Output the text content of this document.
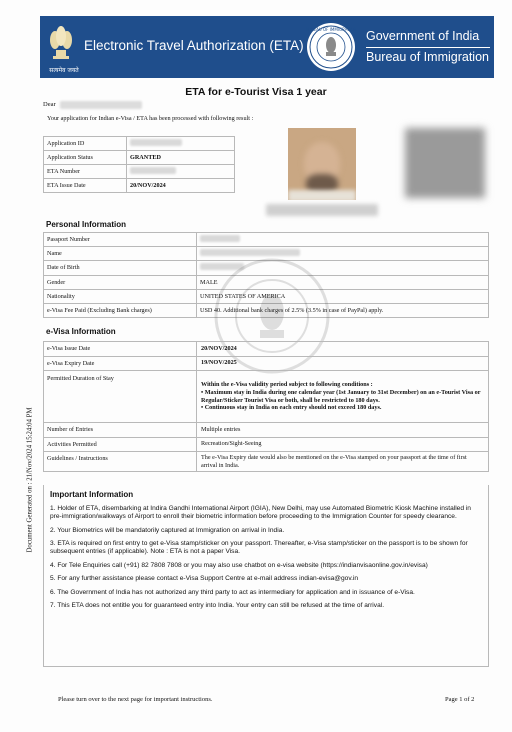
सत्यमेव जयते
Electronic Travel Authorization (ETA)
BUREAU OF IMMIGRATION Government of India
Bureau of Immigration
ETA for e-Tourist Visa 1 year
Dear
Your application for Indian e-Visa / ETA has been processed with following result :
Application ID	
Application Status	GRANTED
ETA Number	
ETA Issue Date	20/NOV/2024
Personal Information
Passport Number	
Name	
Date of Birth	
Gender	MALE
Nationality	UNITED STATES OF AMERICA
e-Visa Fee Paid (Excluding Bank charges)	USD 40. Additional bank charges of 2.5% (3.5% in case of PayPal) apply.
e-Visa Information
e-Visa Issue Date	20/NOV/2024
e-Visa Expiry Date	19/NOV/2025
Permitted Duration of Stay	Within the e-Visa validity period subject to following conditions :
• Maximum stay in India during one calendar year (1st January to 31st December) on an e-Tourist Visa or Regular/Sticker Tourist Visa or both, shall be restricted to 180 days.
• Continuous stay in India on each entry should not exceed 180 days.

Number of Entries	Multiple entries
Activities Permitted	Recreation/Sight-Seeing
Guidelines / Instructions	The e-Visa Expiry date would also be mentioned on the e-Visa stamped on your passport at the time of first arrival in India.
Document Generated on : 21/Nov/2024 15:24:04 PM Important Information

1. Holder of ETA, disembarking at Indira Gandhi International Airport (IGIA), New Delhi, may use Automated Biometric Kiosk Machine installed in pre-immigration/walkways of Airport to enroll their biometric information before proceeding to the Immigration Counter for speedy clearance.

2. Your Biometrics will be mandatorily captured at Immigration on arrival in India.

3. ETA is required on first entry to get e-Visa stamp/sticker on your passport. Thereafter, e-Visa stamp/sticker on the passport is to be shown for subsequent entries (if applicable). Note : ETA is not a paper Visa.

4. For Tele Enquiries call (+91) 82 7808 7808 or you may also use chatbot on e-visa website (https://indianvisaonline.gov.in/evisa)

5. For any further assistance please contact e-Visa Support Centre at e-mail address indian-evisa@gov.in

6. The Government of India has not authorized any third party to act as intermediary for application and in issuance of e-Visa.

7. This ETA does not entitle you for guaranteed entry into India. Your entry can still be refused at the time of arrival.

Please turn over to the next page for important instructions.	Page 1 of 2
